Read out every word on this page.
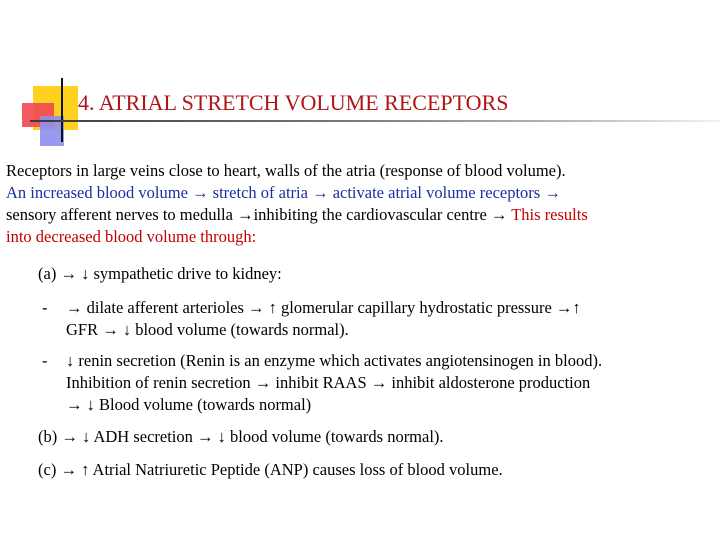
4. ATRIAL STRETCH VOLUME RECEPTORS
Receptors in large veins close to heart, walls of the atria (response of blood volume).
An increased blood volume → stretch of atria → activate atrial volume receptors →
sensory afferent nerves to medulla →inhibiting the cardiovascular centre → This results
into decreased blood volume through:
(a) → ↓ sympathetic drive to kidney:
- → dilate afferent arterioles → ↑ glomerular capillary hydrostatic pressure →↑
GFR → ↓ blood volume (towards normal).
- ↓ renin secretion (Renin is an enzyme which activates angiotensinogen in blood).
Inhibition of renin secretion → inhibit RAAS → inhibit aldosterone production
→ ↓ Blood volume (towards normal)
(b) → ↓ ADH secretion → ↓ blood volume (towards normal).
(c) → ↑ Atrial Natriuretic Peptide (ANP) causes loss of blood volume.
